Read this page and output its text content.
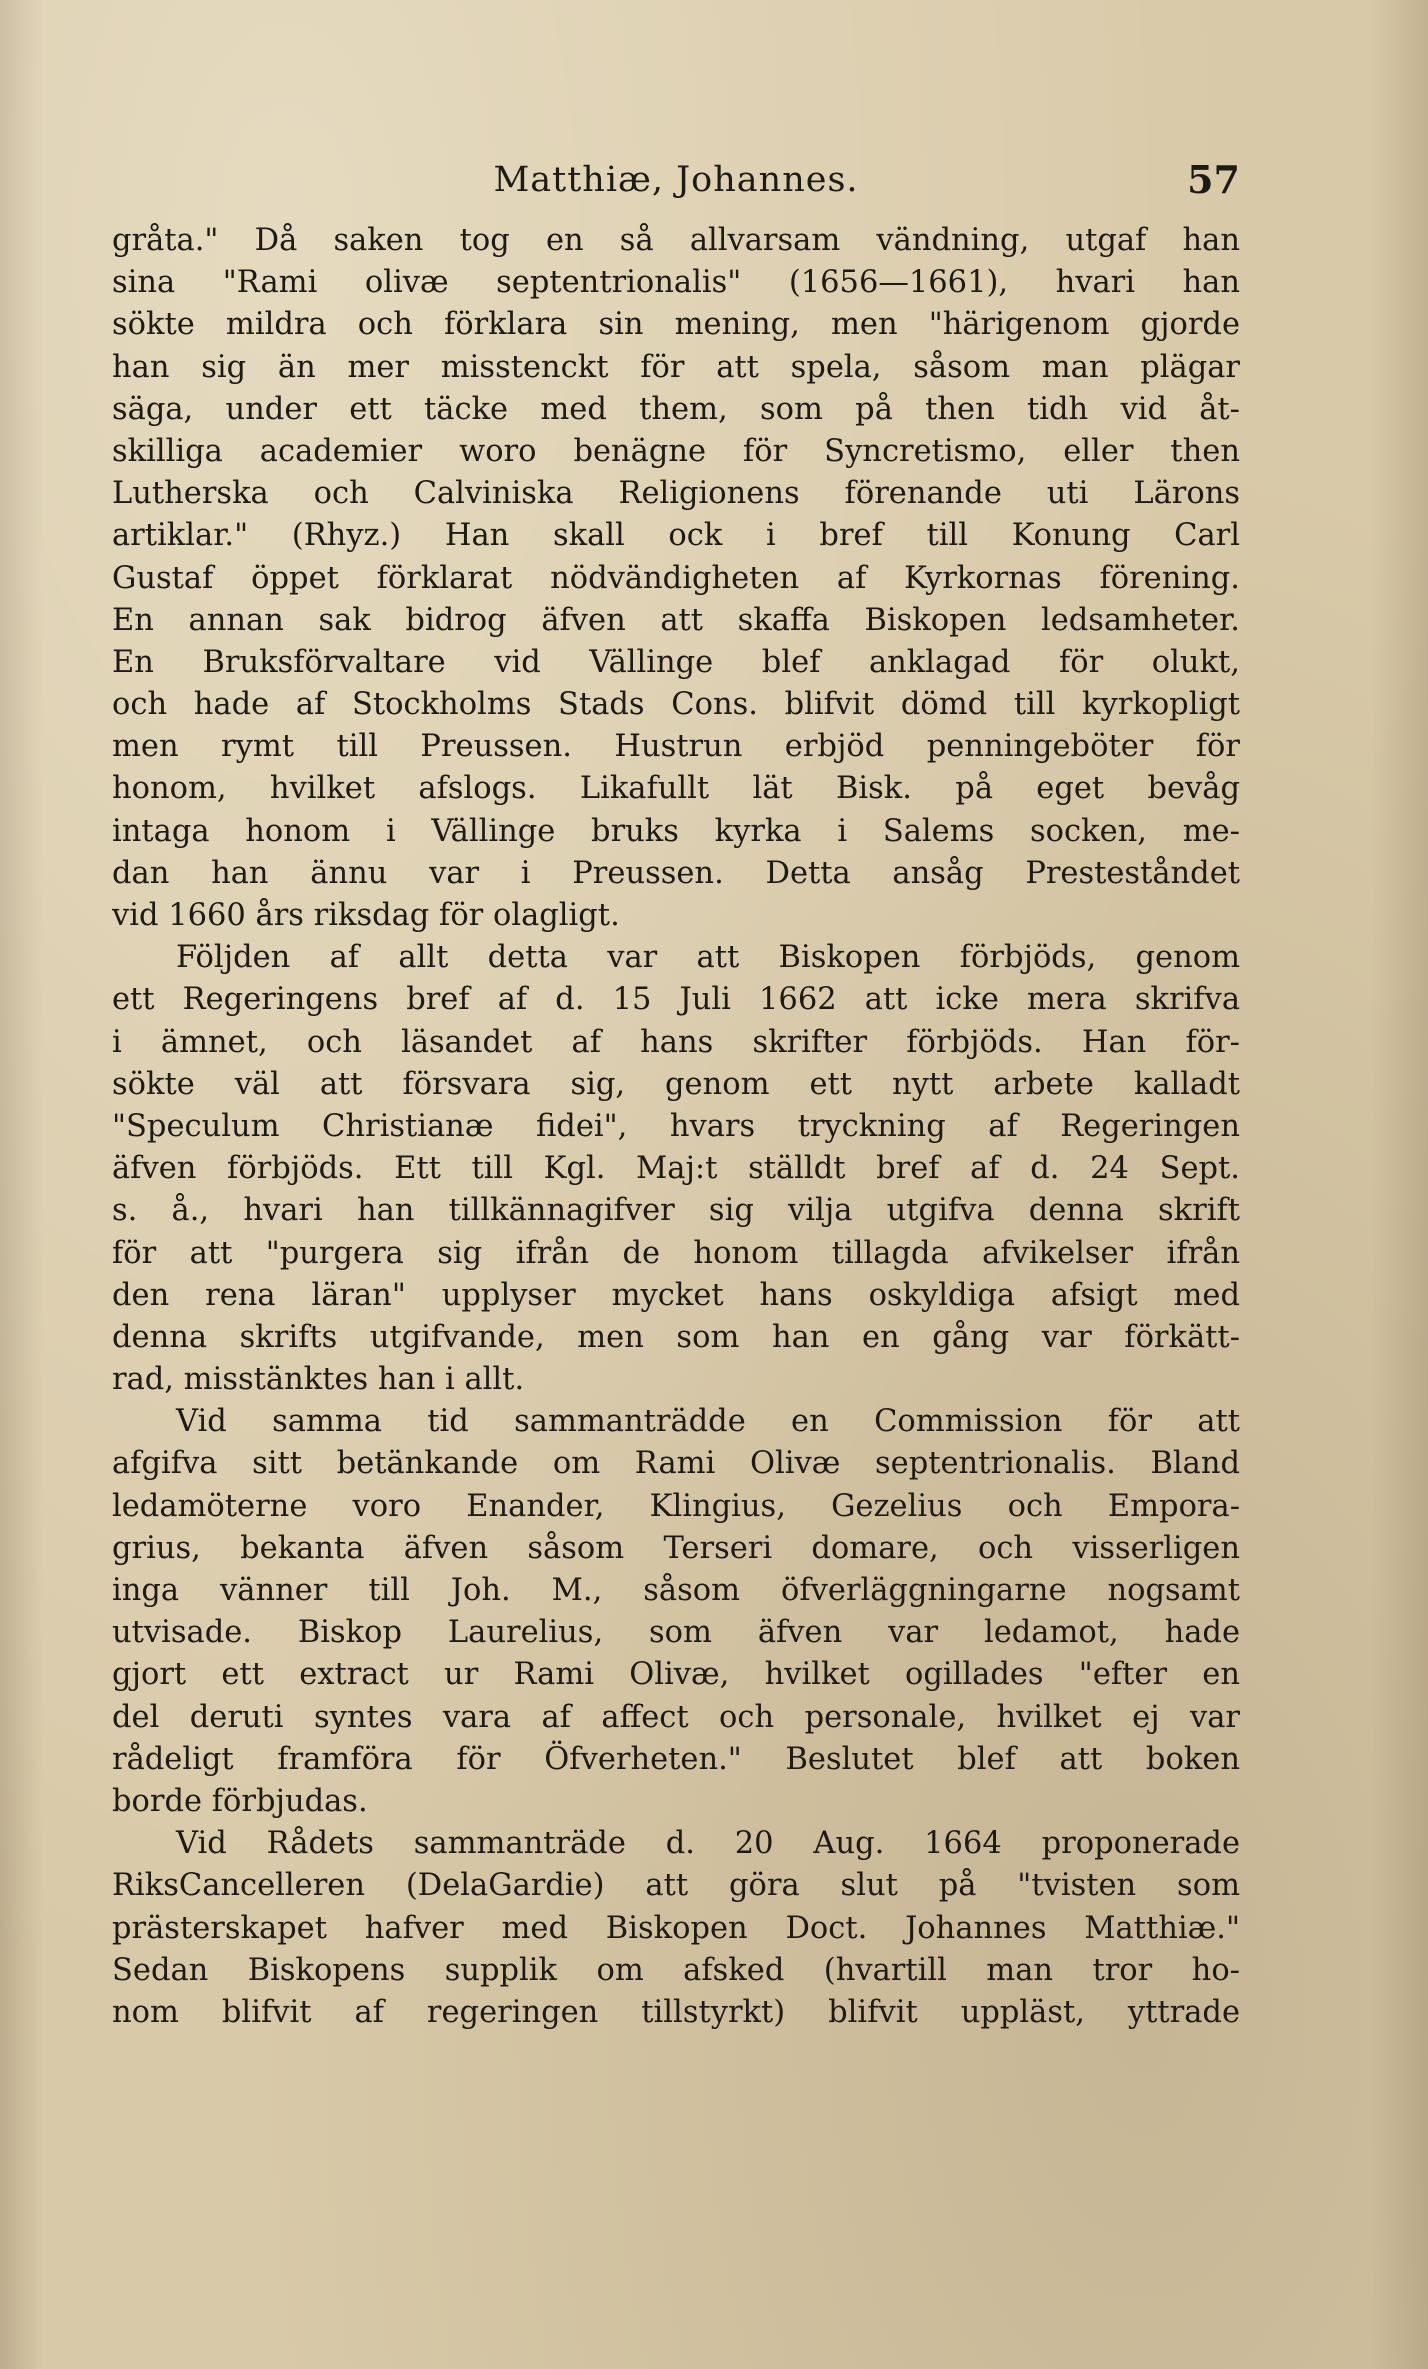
Matthiæ, Johannes.	57
gråta." Då saken tog en så allvarsam vändning, utgaf han
sina "Rami olivæ septentrionalis" (1656—1661), hvari han
sökte mildra och förklara sin mening, men "härigenom gjorde
han sig än mer misstenckt för att spela, såsom man plägar
säga, under ett täcke med them, som på then tidh vid åt-
skilliga academier woro benägne för Syncretismo, eller then
Lutherska och Calviniska Religionens förenande uti Lärons
artiklar." (Rhyz.) Han skall ock i bref till Konung Carl
Gustaf öppet förklarat nödvändigheten af Kyrkornas förening.
En annan sak bidrog äfven att skaffa Biskopen ledsamheter.
En Bruksförvaltare vid Vällinge blef anklagad för olukt,
och hade af Stockholms Stads Cons. blifvit dömd till kyrkopligt
men rymt till Preussen. Hustrun erbjöd penningeböter för
honom, hvilket afslogs. Likafullt lät Bisk. på eget bevåg
intaga honom i Vällinge bruks kyrka i Salems socken, me-
dan han ännu var i Preussen. Detta ansåg Presteståndet
vid 1660 års riksdag för olagligt.
Följden af allt detta var att Biskopen förbjöds, genom
ett Regeringens bref af d. 15 Juli 1662 att icke mera skrifva
i ämnet, och läsandet af hans skrifter förbjöds. Han för-
sökte väl att försvara sig, genom ett nytt arbete kalladt
"Speculum Christianæ fidei", hvars tryckning af Regeringen
äfven förbjöds. Ett till Kgl. Maj:t ställdt bref af d. 24 Sept.
s. å., hvari han tillkännagifver sig vilja utgifva denna skrift
för att "purgera sig ifrån de honom tillagda afvikelser ifrån
den rena läran" upplyser mycket hans oskyldiga afsigt med
denna skrifts utgifvande, men som han en gång var förkätt-
rad, misstänktes han i allt.
Vid samma tid sammanträdde en Commission för att
afgifva sitt betänkande om Rami Olivæ septentrionalis. Bland
ledamöterne voro Enander, Klingius, Gezelius och Empora-
grius, bekanta äfven såsom Terseri domare, och visserligen
inga vänner till Joh. M., såsom öfverläggningarne nogsamt
utvisade. Biskop Laurelius, som äfven var ledamot, hade
gjort ett extract ur Rami Olivæ, hvilket ogillades "efter en
del deruti syntes vara af affect och personale, hvilket ej var
rådeligt framföra för Öfverheten." Beslutet blef att boken
borde förbjudas.
Vid Rådets sammanträde d. 20 Aug. 1664 proponerade
RiksCancelleren (DelaGardie) att göra slut på "tvisten som
prästerskapet hafver med Biskopen Doct. Johannes Matthiæ."
Sedan Biskopens supplik om afsked (hvartill man tror ho-
nom blifvit af regeringen tillstyrkt) blifvit uppläst, yttrade
